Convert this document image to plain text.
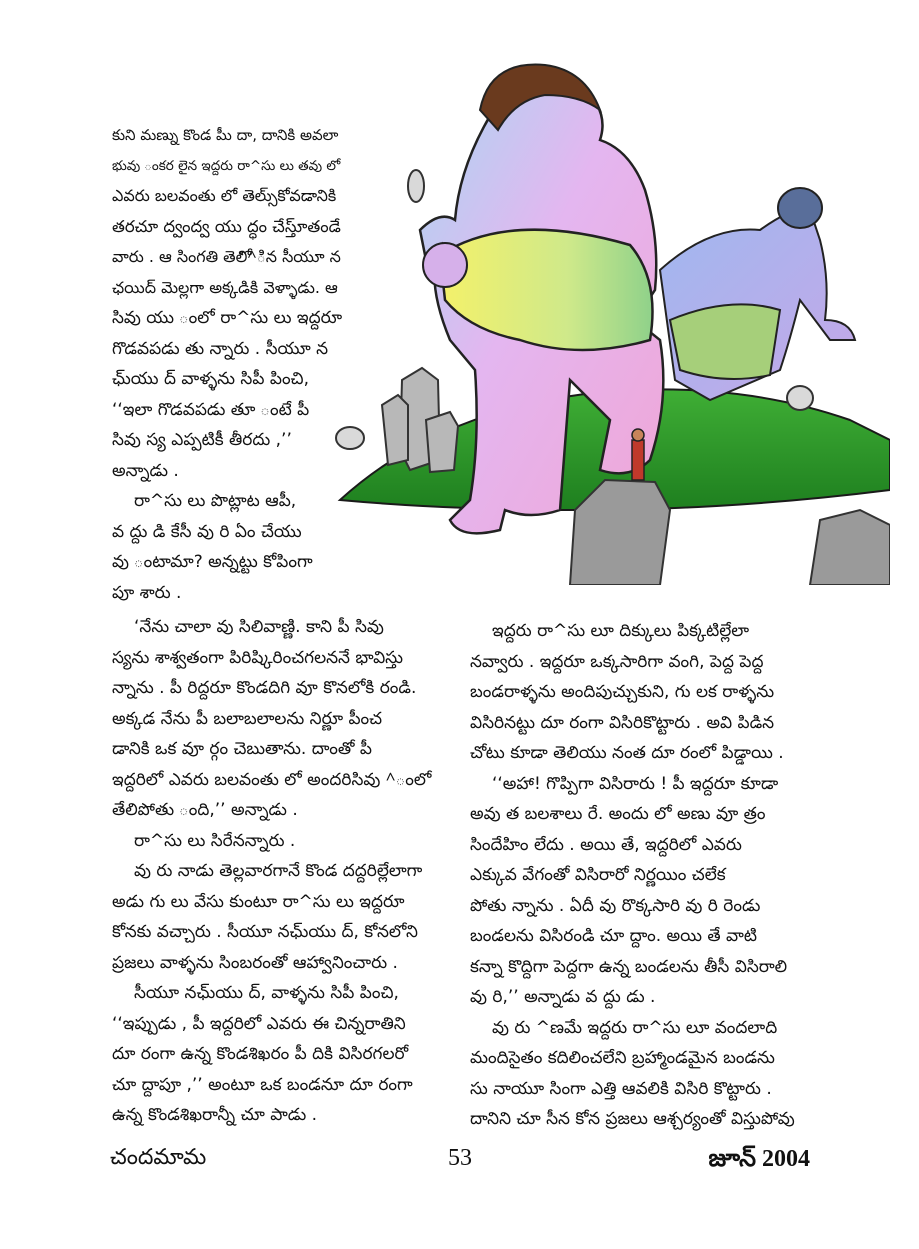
కుని మణ్ను కొండ పీు దా, దానికి అవలా

భువు ంకర లైన ఇద్దరు రా^సు లు తవు లో

ఎవరు బలవంతు లో తెల్సు్కోవడానికి

తరచూ ద్వంద్వ యు ద్ధం చేస్తూ్తండే

వారు . ఆ సింగతి తెలిో^ిన సీయూ న

ఛయిద్ మెల్లగా అక్కడికి వెళ్ళాడు. ఆ

సివు యు ంలో రా^సు లు ఇద్దరూ

గొడవపడు తు న్నారు . సీయూ న

ఛు్యు ద్ వాళ్ళను సిపీ పించి,

‘‘ఇలా గొడవపడు తూ ంటే పీ

సివు స్య ఎప్పటికీ తీరదు ,’’

అన్నాడు .

రా^సు లు పొట్లాట ఆపీ,

వ ద్దు డి కేసీ వు రి ఏం చేయు

వు ంటామా? అన్నట్టు కోపింగా

పూ శారు .

‘నేను చాలా వు సిలివాణ్ణి. కాని పీ సివు

స్యను శాశ్వతంగా పిరిష్కిరించగలననే భావిస్తు

న్నాను . పీ రిద్దరూ కొండదిగి వూ కొనలోకి రండి.

అక్కడ నేను పీ బలాబలాలను నిర్ణూ పీంచ

డానికి ఒక వూ ర్గం చెబుతాను. దాంతో పీ

ఇద్దరిలో ఎవరు బలవంతు లో అందరిసివు ^ంలో

తేలిపోతు ంది,’’ అన్నాడు .

రా^సు లు సిరేనన్నారు .

వు రు నాడు తెల్లవారగానే కొండ దద్దరిల్లేలాగా

అడు గు లు వేసు కుంటూ రా^సు లు ఇద్దరూ

కోనకు వచ్చారు . సీయూ నఛు్యు ద్, కోనలోని

ప్రజలు వాళ్ళను సింబరంతో ఆహ్వానించారు .

సీయూ నఛు్యు ద్, వాళ్ళను సిపీ పించి,

‘‘ఇప్పుడు , పీ ఇద్దరిలో ఎవరు ఈ చిన్నరాతిని

దూ రంగా ఉన్న కొండశిఖరం పీ దికి విసిరగలరో

చూ ద్దాపూ ,’’ అంటూ ఒక బండనూ దూ రంగా

ఉన్న కొండశిఖరాన్నీ చూ పాడు .

ఇద్దరు రా^సు లూ దిక్కులు పిక్కటిల్లేలా

నవ్వారు . ఇద్దరూ ఒక్కసారిగా వంగి, పెద్ద పెద్ద

బండరాళ్ళను అందిపుచ్చుకుని, గు లక రాళ్ళను

విసిరినట్టు దూ రంగా విసిరికొట్టారు . అవి పిడిన

చోటు కూడా తెలియు నంత దూ రంలో పిడ్డాయి .

‘‘అహా! గొప్పిగా విసిరారు ! పీ ఇద్దరూ కూడా

అవు త బలశాలు రే. అందు లో అణు వూ త్రం

సిందేహిం లేదు . అయి తే, ఇద్దరిలో ఎవరు

ఎక్కువ వేగంతో విసిరారో నిర్ణయిం చలేక

పోతు న్నాను . ఏదీ వు రొక్కసారి వు రి రెండు

బండలను విసిరండి చూ ద్దాం. అయి తే వాటి

కన్నా కొద్దిగా పెద్దగా ఉన్న బండలను తీసీ విసిరాలి

వు రి,’’ అన్నాడు వ ద్దు డు .

వు రు ^ణమే ఇద్దరు రా^సు లూ వందలాది

మందిసైతం కదిలించలేని బ్రహ్మాండమైన బండను

సు నాయూ సింగా ఎత్తి ఆవలికి విసిరి కొట్టారు .

దానిని చూ సీన కోన ప్రజలు ఆశ్చర్యంతో విస్తుపోవు

చందమామ	53	జూన్ 2004
